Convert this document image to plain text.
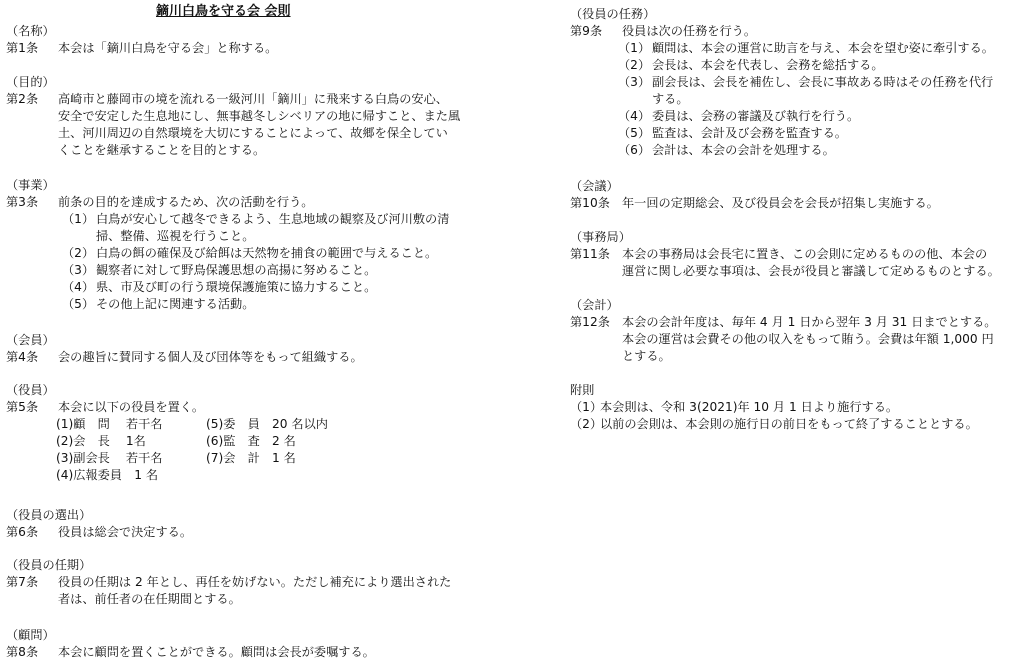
鏑川白鳥を守る会 会則
（名称）
第1条	本会は「鏑川白鳥を守る会」と称する。
（目的）
第2条	高崎市と藤岡市の境を流れる一級河川「鏑川」に飛来する白鳥の安心、
安全で安定した生息地にし、無事越冬しシベリアの地に帰すこと、また風
土、河川周辺の自然環境を大切にすることによって、故郷を保全してい
くことを継承することを目的とする。
（事業）
第3条	前条の目的を達成するため、次の活動を行う。
（1） 白鳥が安心して越冬できるよう、生息地域の観察及び河川敷の清
掃、整備、巡視を行うこと。
（2） 白鳥の餌の確保及び給餌は天然物を捕食の範囲で与えること。
（3） 観察者に対して野鳥保護思想の高揚に努めること。
（4） 県、市及び町の行う環境保護施策に協力すること。
（5） その他上記に関連する活動。
（会員）
第4条	会の趣旨に賛同する個人及び団体等をもって組織する。
（役員）
第5条	本会に以下の役員を置く。
(1)顧　問　 若干名	(5)委　員　20 名以内
(2)会　長　 1名	(6)監　査　2 名
(3)副会長　 若干名	(7)会　計　1 名
(4)広報委員　1 名
（役員の選出）
第6条	役員は総会で決定する。
（役員の任期）
第7条	役員の任期は 2 年とし、再任を妨げない。ただし補充により選出された
者は、前任者の在任期間とする。
（顧問）
第8条	本会に顧問を置くことができる。顧問は会長が委嘱する。
（役員の任務）
第9条	役員は次の任務を行う。
（1） 顧問は、本会の運営に助言を与え、本会を望む姿に牽引する。
（2） 会長は、本会を代表し、会務を総括する。
（3） 副会長は、会長を補佐し、会長に事故ある時はその任務を代行
する。
（4） 委員は、会務の審議及び執行を行う。
（5） 監査は、会計及び会務を監査する。
（6） 会計は、本会の会計を処理する。
（会議）
第10条 年一回の定期総会、及び役員会を会長が招集し実施する。
（事務局）
第11条 本会の事務局は会長宅に置き、この会則に定めるものの他、本会の
運営に関し必要な事項は、会長が役員と審議して定めるものとする。
（会計）
第12条 本会の会計年度は、毎年 4 月 1 日から翌年 3 月 31 日までとする。
本会の運営は会費その他の収入をもって賄う。会費は年額 1,000 円
とする。
附則
（1）
本会則は、令和 3(2021)年 10 月 1 日より施行する。
（2）
以前の会則は、本会則の施行日の前日をもって終了することとする。
